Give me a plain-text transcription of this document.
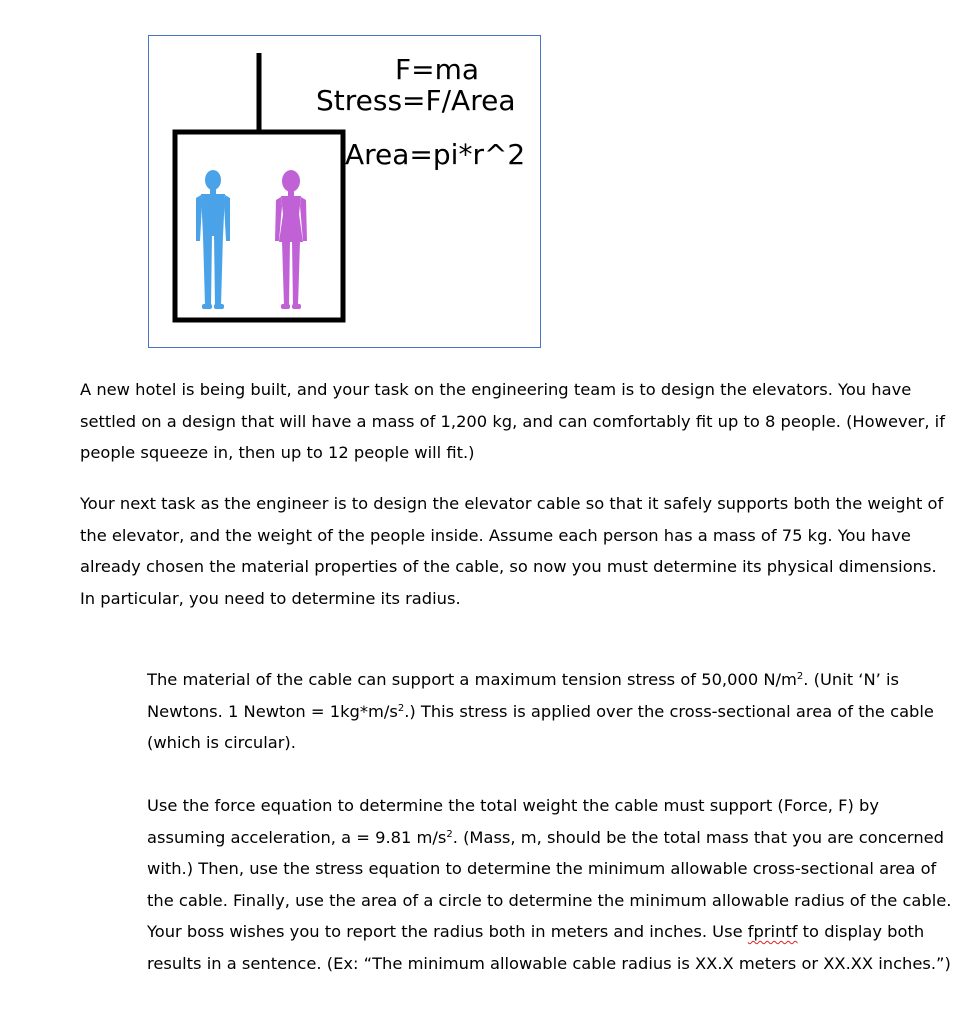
F=ma
Stress=F/Area
Area=pi*r^2

A new hotel is being built, and your task on the engineering team is to design the elevators. You have settled on a design that will have a mass of 1,200 kg, and can comfortably fit up to 8 people. (However, if people squeeze in, then up to 12 people will fit.)

Your next task as the engineer is to design the elevator cable so that it safely supports both the weight of the elevator, and the weight of the people inside. Assume each person has a mass of 75 kg. You have already chosen the material properties of the cable, so now you must determine its physical dimensions. In particular, you need to determine its radius.

The material of the cable can support a maximum tension stress of 50,000 $N/m^2$. (Unit ‘N’ is Newtons. 1 Newton = $1kg*m/s^2$.) This stress is applied over the cross-sectional area of the cable (which is circular).

Use the force equation to determine the total weight the cable must support (Force, F) by assuming acceleration, a = 9.81 $m/s^2$. (Mass, m, should be the total mass that you are concerned with.) Then, use the stress equation to determine the minimum allowable cross-sectional area of the cable. Finally, use the area of a circle to determine the minimum allowable radius of the cable. Your boss wishes you to report the radius both in meters and inches. Use fprintf to display both results in a sentence. (Ex: “The minimum allowable cable radius is XX.X meters or XX.XX inches.”)
